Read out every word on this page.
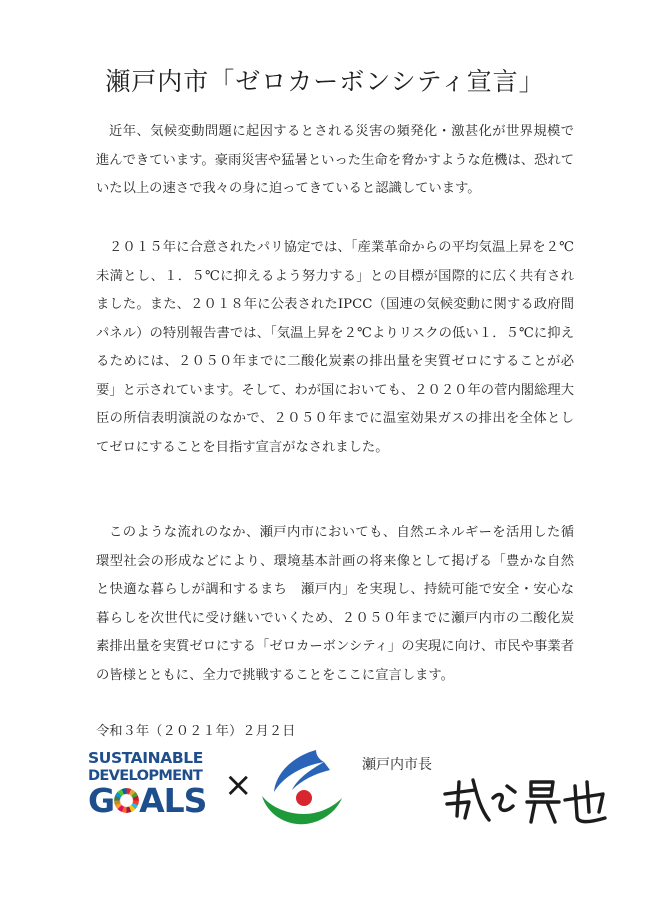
瀬戸内市「ゼロカーボンシティ宣言」

近年、気候変動問題に起因するとされる災害の頻発化・激甚化が世界規模で進んできています。豪雨災害や猛暑といった生命を脅かすような危機は、恐れていた以上の速さで我々の身に迫ってきていると認識しています。

２０１５年に合意されたパリ協定では、「産業革命からの平均気温上昇を２℃未満とし、１．５℃に抑えるよう努力する」との目標が国際的に広く共有されました。また、２０１８年に公表されたIPCC（国連の気候変動に関する政府間パネル）の特別報告書では、「気温上昇を２℃よりリスクの低い１．５℃に抑えるためには、２０５０年までに二酸化炭素の排出量を実質ゼロにすることが必要」と示されています。そして、わが国においても、２０２０年の菅内閣総理大臣の所信表明演説のなかで、２０５０年までに温室効果ガスの排出を全体としてゼロにすることを目指す宣言がなされました。

このような流れのなか、瀬戸内市においても、自然エネルギーを活用した循環型社会の形成などにより、環境基本計画の将来像として掲げる「豊かな自然と快適な暮らしが調和するまち　瀬戸内」を実現し、持続可能で安全・安心な暮らしを次世代に受け継いでいくため、２０５０年までに瀬戸内市の二酸化炭素排出量を実質ゼロにする「ゼロカーボンシティ」の実現に向け、市民や事業者の皆様とともに、全力で挑戦することをここに宣言します。

令和３年（２０２１年）２月２日
SUSTAINABLE
DEVELOPMENT
G ALS ×	瀬戸内市長
